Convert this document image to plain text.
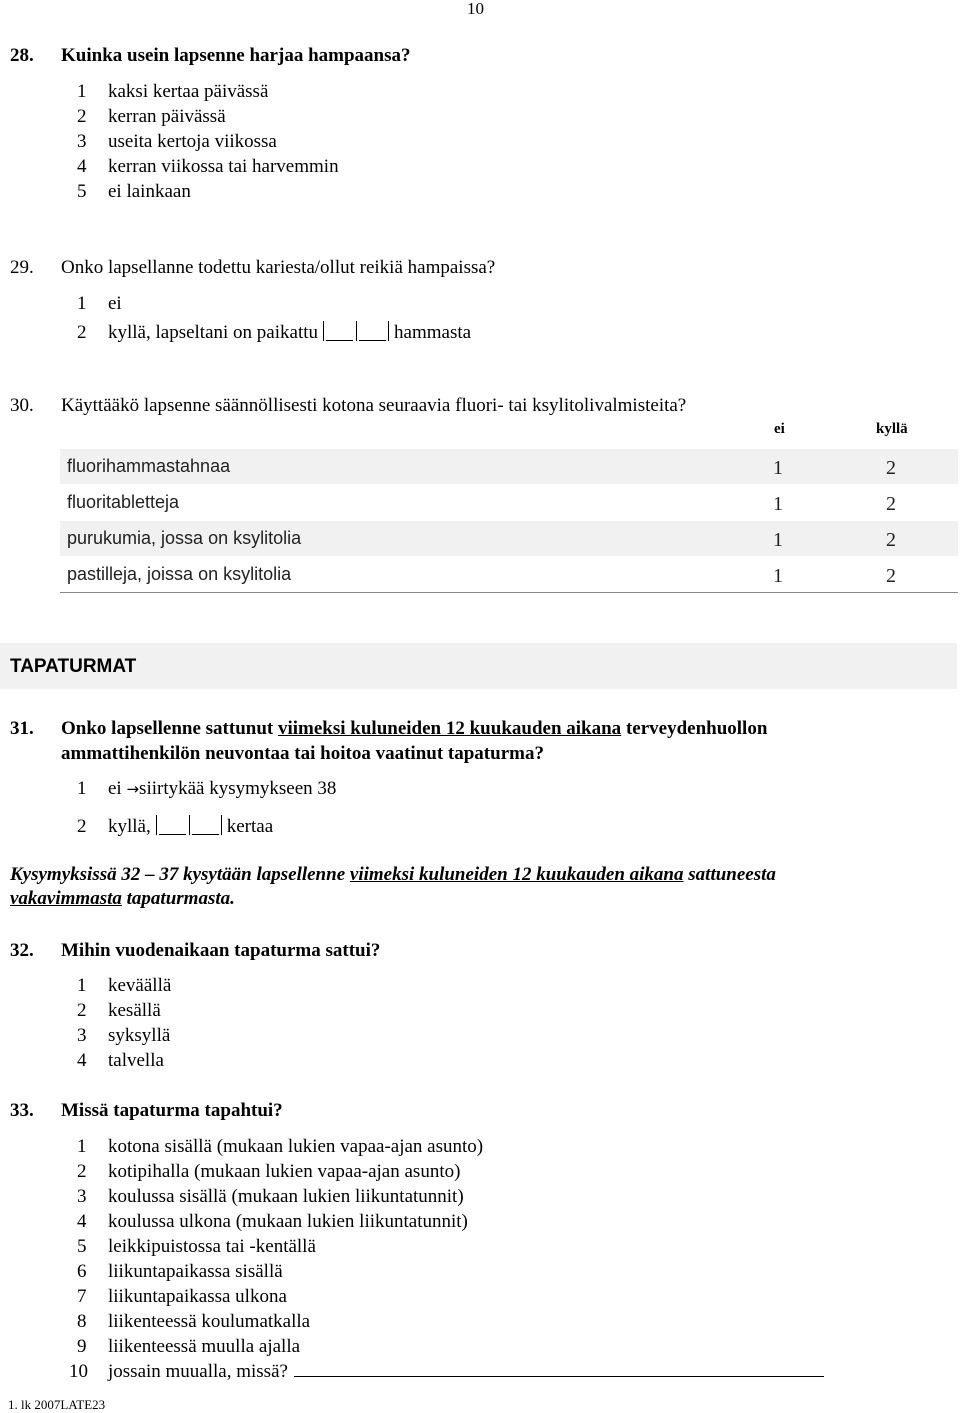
10
28. Kuinka usein lapsenne harjaa hampaansa?
1 kaksi kertaa päivässä
2 kerran päivässä
3 useita kertoja viikossa
4 kerran viikossa tai harvemmin
5 ei lainkaan
29. Onko lapsellanne todettu kariesta/ollut reikiä hampaissa?
1 ei
2 kyllä, lapseltani on paikattu	hammasta
30. Käyttääkö lapsenne säännöllisesti kotona seuraavia fluori- tai ksylitolivalmisteita?
ei	kyllä
fluorihammastahnaa	1	2
fluoritabletteja	1	2
purukumia, jossa on ksylitolia	1	2
pastilleja, joissa on ksylitolia	1	2
TAPATURMAT
31. Onko lapsellenne sattunut viimeksi kuluneiden 12 kuukauden aikana terveydenhuollon
ammattihenkilön neuvontaa tai hoitoa vaatinut tapaturma?
1 ei →siirtykää kysymykseen 38
2 kyllä,	kertaa
Kysymyksissä 32 – 37 kysytään lapsellenne viimeksi kuluneiden 12 kuukauden aikana sattuneesta
vakavimmasta tapaturmasta.
32. Mihin vuodenaikaan tapaturma sattui?
1 keväällä
2 kesällä
3 syksyllä
4 talvella
33. Missä tapaturma tapahtui?
1 kotona sisällä (mukaan lukien vapaa-ajan asunto)
2 kotipihalla (mukaan lukien vapaa-ajan asunto)
3 koulussa sisällä (mukaan lukien liikuntatunnit)
4 koulussa ulkona (mukaan lukien liikuntatunnit)
5 leikkipuistossa tai -kentällä
6 liikuntapaikassa sisällä
7 liikuntapaikassa ulkona
8 liikenteessä koulumatkalla
9 liikenteessä muulla ajalla
10 jossain muualla, missä?
1. lk 2007LATE23
